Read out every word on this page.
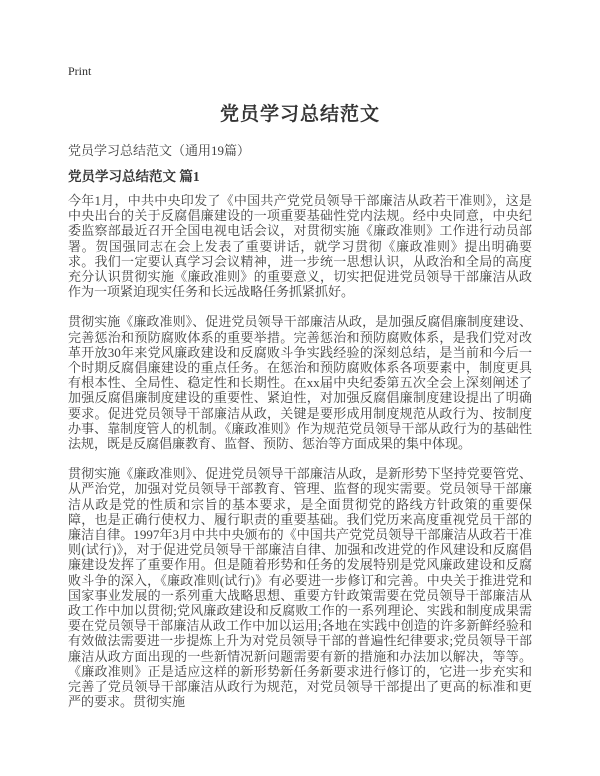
Print
党员学习总结范文
党员学习总结范文（通用19篇）
党员学习总结范文 篇1

今年1月，中共中央印发了《中国共产党党员领导干部廉洁从政若干准则》，这是中央出台的关于反腐倡廉建设的一项重要基础性党内法规。经中央同意，中央纪委监察部最近召开全国电视电话会议，对贯彻实施《廉政准则》工作进行动员部署。贺国强同志在会上发表了重要讲话，就学习贯彻《廉政准则》提出明确要求。我们一定要认真学习会议精神，进一步统一思想认识，从政治和全局的高度充分认识贯彻实施《廉政准则》的重要意义，切实把促进党员领导干部廉洁从政作为一项紧迫现实任务和长远战略任务抓紧抓好。

贯彻实施《廉政准则》、促进党员领导干部廉洁从政，是加强反腐倡廉制度建设、完善惩治和预防腐败体系的重要举措。完善惩治和预防腐败体系，是我们党对改革开放30年来党风廉政建设和反腐败斗争实践经验的深刻总结，是当前和今后一个时期反腐倡廉建设的重点任务。在惩治和预防腐败体系各项要素中，制度更具有根本性、全局性、稳定性和长期性。在xx届中央纪委第五次全会上深刻阐述了加强反腐倡廉制度建设的重要性、紧迫性，对加强反腐倡廉制度建设提出了明确要求。促进党员领导干部廉洁从政，关键是要形成用制度规范从政行为、按制度办事、靠制度管人的机制。《廉政准则》作为规范党员领导干部从政行为的基础性法规，既是反腐倡廉教育、监督、预防、惩治等方面成果的集中体现。

贯彻实施《廉政准则》、促进党员领导干部廉洁从政，是新形势下坚持党要管党、从严治党，加强对党员领导干部教育、管理、监督的现实需要。党员领导干部廉洁从政是党的性质和宗旨的基本要求，是全面贯彻党的路线方针政策的重要保障，也是正确行使权力、履行职责的重要基础。我们党历来高度重视党员干部的廉洁自律。1997年3月中共中央颁布的《中国共产党党员领导干部廉洁从政若干准则(试行)》，对于促进党员领导干部廉洁自律、加强和改进党的作风建设和反腐倡廉建设发挥了重要作用。但是随着形势和任务的发展特别是党风廉政建设和反腐败斗争的深入，《廉政准则(试行)》有必要进一步修订和完善。中央关于推进党和国家事业发展的一系列重大战略思想、重要方针政策需要在党员领导干部廉洁从政工作中加以贯彻;党风廉政建设和反腐败工作的一系列理论、实践和制度成果需要在党员领导干部廉洁从政工作中加以运用;各地在实践中创造的许多新鲜经验和有效做法需要进一步提炼上升为对党员领导干部的普遍性纪律要求;党员领导干部廉洁从政方面出现的一些新情况新问题需要有新的措施和办法加以解决，等等。《廉政准则》正是适应这样的新形势新任务新要求进行修订的，它进一步充实和完善了党员领导干部廉洁从政行为规范，对党员领导干部提出了更高的标准和更严的要求。贯彻实施
